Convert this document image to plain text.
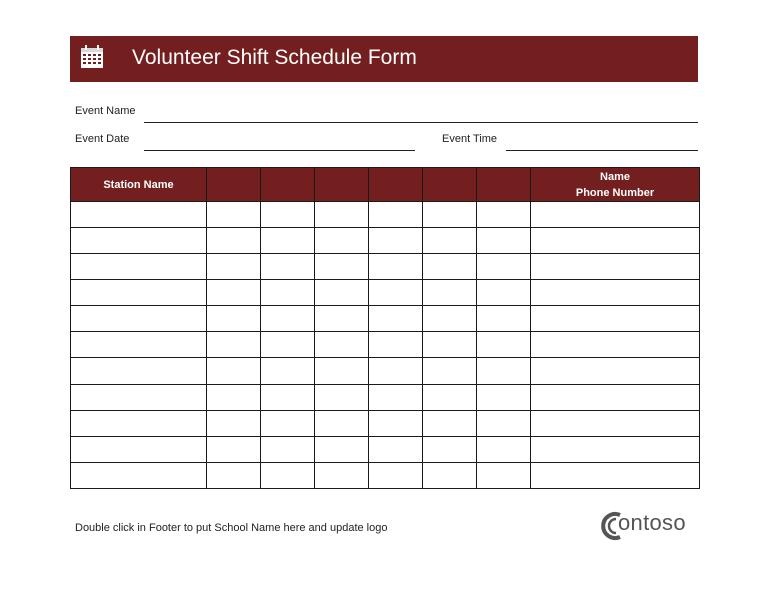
Volunteer Shift Schedule Form
Event Name
Event Date	Event Time
Station Name							Name
Phone Number

Double click in Footer to put School Name here and update logo	ontoso
